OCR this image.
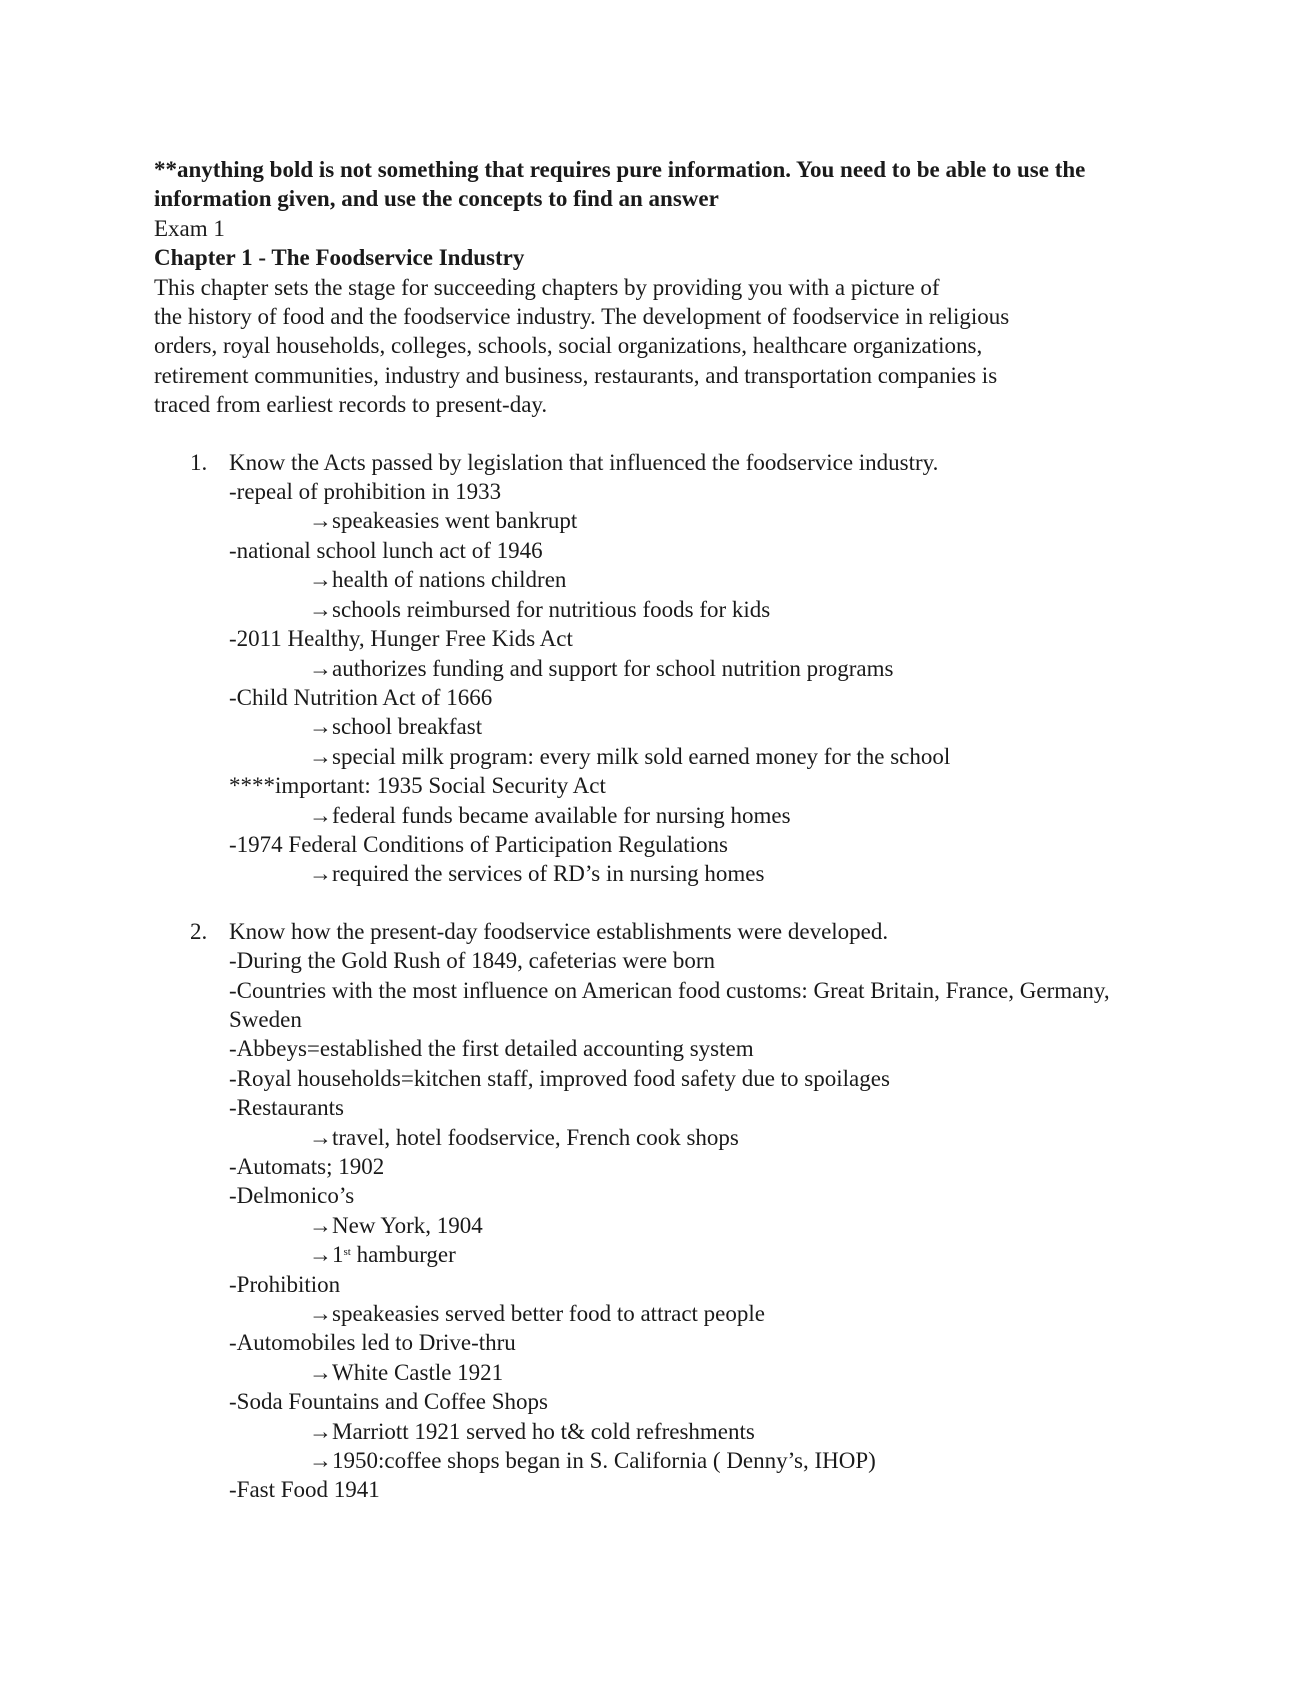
**anything bold is not something that requires pure information. You need to be able to use the information given, and use the concepts to find an answer

Exam 1

Chapter 1 - The Foodservice Industry

This chapter sets the stage for succeeding chapters by providing you with a picture of

the history of food and the foodservice industry. The development of foodservice in religious

orders, royal households, colleges, schools, social organizations, healthcare organizations,

retirement communities, industry and business, restaurants, and transportation companies is

traced from earliest records to present-day.

1. Know the Acts passed by legislation that influenced the foodservice industry.

-repeal of prohibition in 1933

→speakeasies went bankrupt

-national school lunch act of 1946

→health of nations children

→schools reimbursed for nutritious foods for kids

-2011 Healthy, Hunger Free Kids Act

→authorizes funding and support for school nutrition programs

-Child Nutrition Act of 1666

→school breakfast

→special milk program: every milk sold earned money for the school

****important: 1935 Social Security Act

→federal funds became available for nursing homes

-1974 Federal Conditions of Participation Regulations

→required the services of RD’s in nursing homes

2. Know how the present-day foodservice establishments were developed.

-During the Gold Rush of 1849, cafeterias were born

-Countries with the most influence on American food customs: Great Britain, France, Germany, Sweden

-Abbeys=established the first detailed accounting system

-Royal households=kitchen staff, improved food safety due to spoilages

-Restaurants

→travel, hotel foodservice, French cook shops

-Automats; 1902

-Delmonico’s

→New York, 1904

→1st hamburger

-Prohibition

→speakeasies served better food to attract people

-Automobiles led to Drive-thru

→White Castle 1921

-Soda Fountains and Coffee Shops

→Marriott 1921 served ho t& cold refreshments

→1950:coffee shops began in S. California ( Denny’s, IHOP)

-Fast Food 1941
